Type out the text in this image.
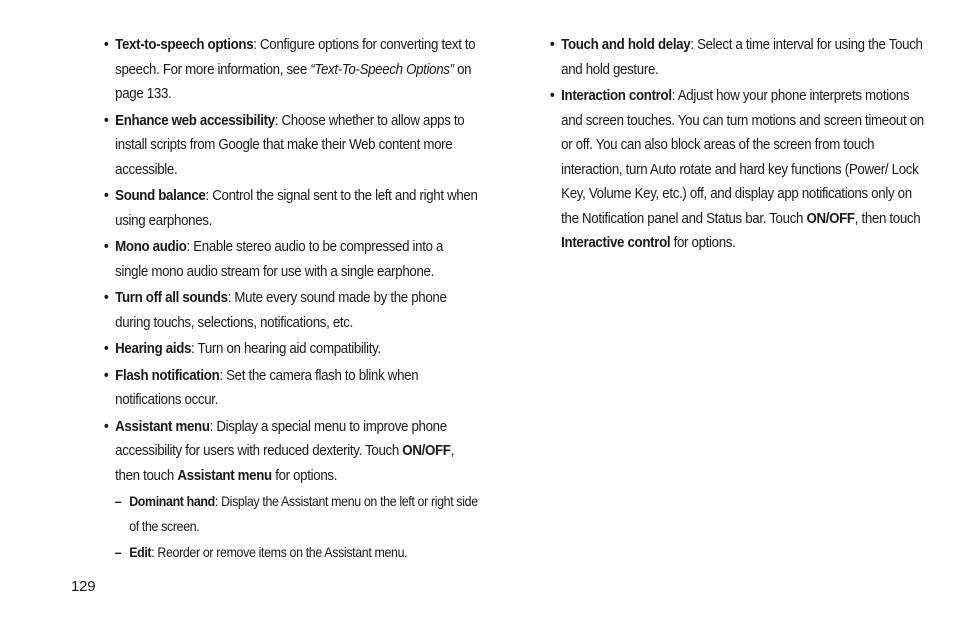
• Text-to-speech options: Configure options for converting text to speech. For more information, see “Text-To-Speech Options” on page 133.
• Enhance web accessibility: Choose whether to allow apps to install scripts from Google that make their Web content more accessible.
• Sound balance: Control the signal sent to the left and right when using earphones.
• Mono audio: Enable stereo audio to be compressed into a single mono audio stream for use with a single earphone.
• Turn off all sounds: Mute every sound made by the phone during touchs, selections, notifications, etc.
• Hearing aids: Turn on hearing aid compatibility.
• Flash notification: Set the camera flash to blink when notifications occur.
• Assistant menu: Display a special menu to improve phone accessibility for users with reduced dexterity. Touch ON/OFF, then touch Assistant menu for options.
– Dominant hand: Display the Assistant menu on the left or right side of the screen.
– Edit: Reorder or remove items on the Assistant menu.
• Touch and hold delay: Select a time interval for using the Touch and hold gesture.
• Interaction control: Adjust how your phone interprets motions and screen touches. You can turn motions and screen timeout on or off. You can also block areas of the screen from touch interaction, turn Auto rotate and hard key functions (Power/ Lock Key, Volume Key, etc.) off, and display app notifications only on the Notification panel and Status bar. Touch ON/OFF, then touch Interactive control for options.
129
